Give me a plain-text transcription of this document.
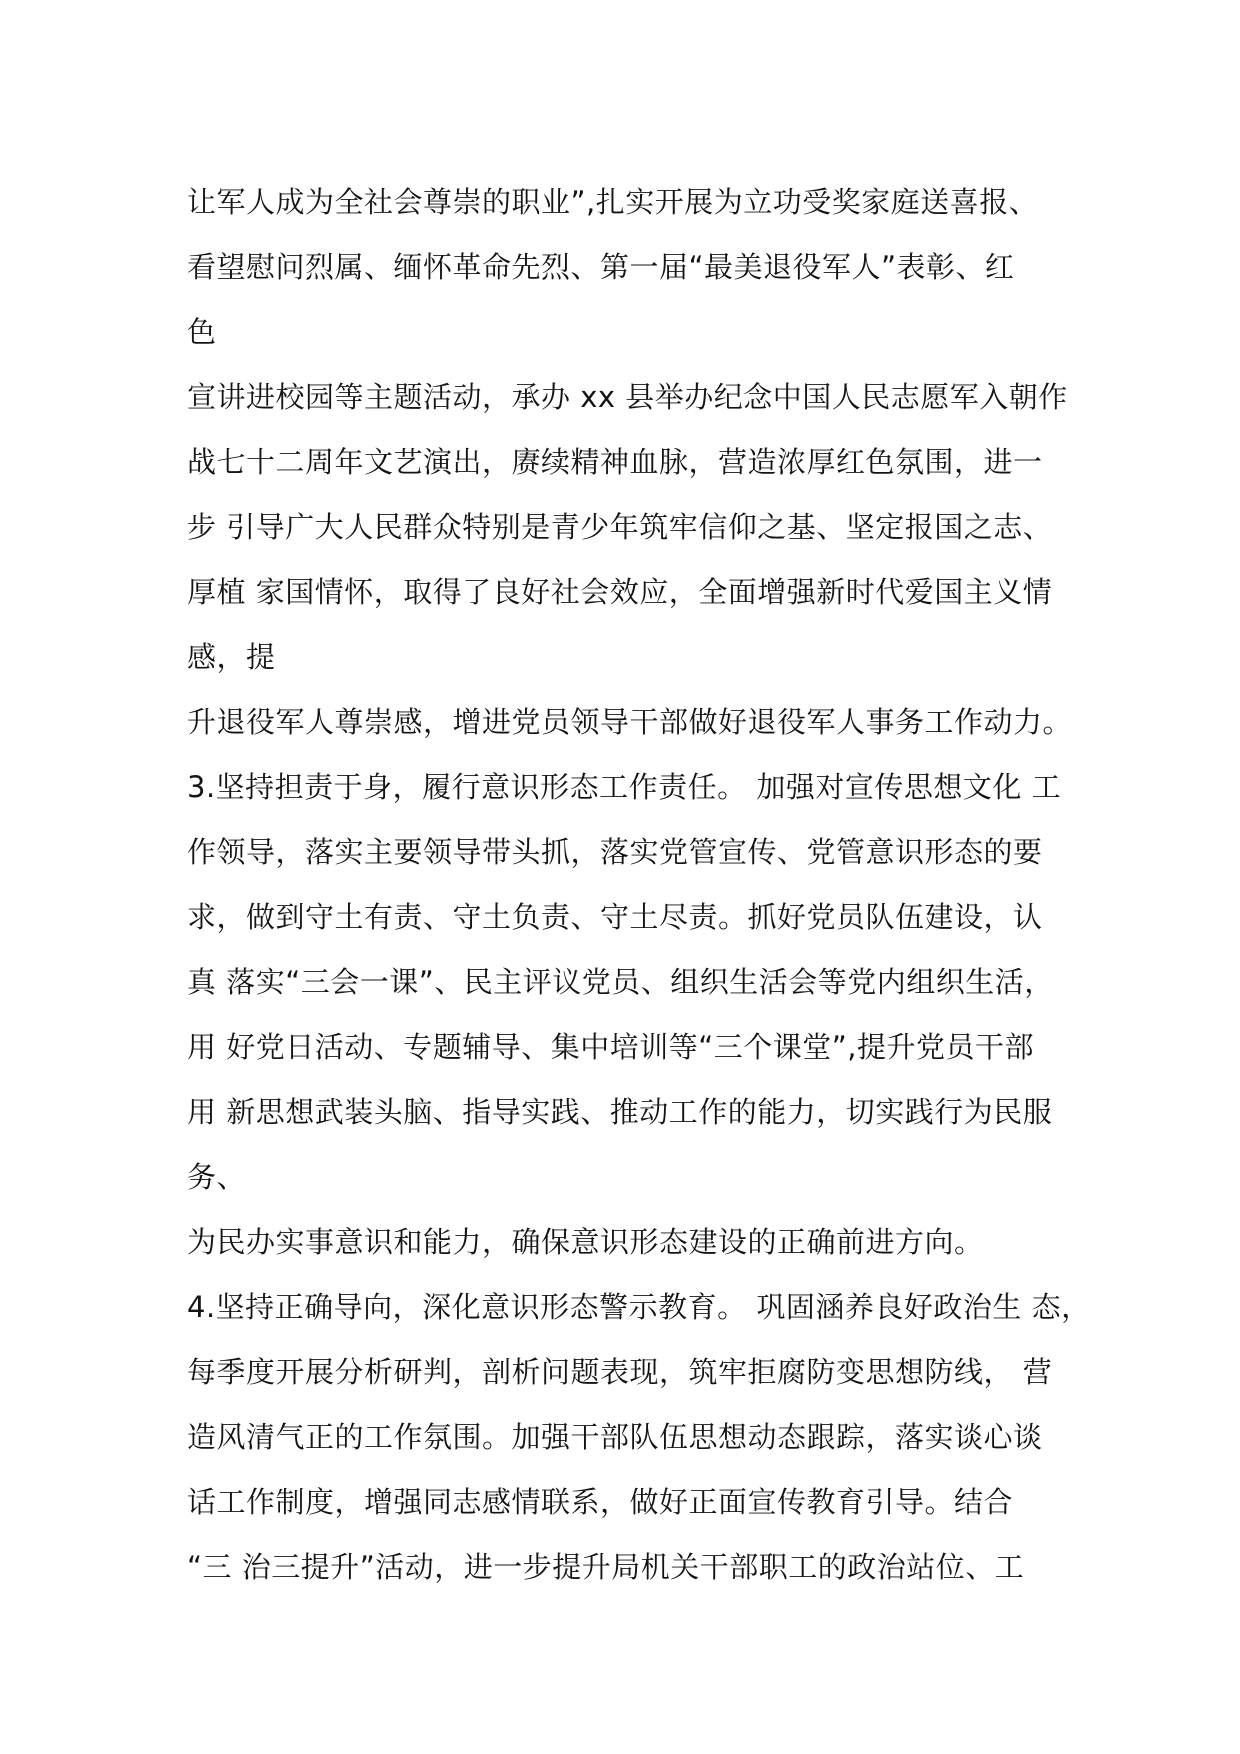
让军人成为全社会尊崇的职业”,扎实开展为立功受奖家庭送喜报、
看望慰问烈属、缅怀革命先烈、第一届“最美退役军人”表彰、红
色
宣讲进校园等主题活动，承办 xx 县举办纪念中国人民志愿军入朝作
战七十二周年文艺演出，赓续精神血脉，营造浓厚红色氛围，进一
步 引导广大人民群众特别是青少年筑牢信仰之基、坚定报国之志、
厚植 家国情怀，取得了良好社会效应，全面增强新时代爱国主义情
感，提
升退役军人尊崇感，增进党员领导干部做好退役军人事务工作动力。
3.坚持担责于身，履行意识形态工作责任。 加强对宣传思想文化 工
作领导，落实主要领导带头抓，落实党管宣传、党管意识形态的要
求，做到守土有责、守土负责、守土尽责。抓好党员队伍建设，认
真 落实“三会一课”、民主评议党员、组织生活会等党内组织生活，
用 好党日活动、专题辅导、集中培训等“三个课堂”,提升党员干部
用 新思想武装头脑、指导实践、推动工作的能力，切实践行为民服
务、
为民办实事意识和能力，确保意识形态建设的正确前进方向。
4.坚持正确导向，深化意识形态警示教育。 巩固涵养良好政治生 态，
每季度开展分析研判，剖析问题表现，筑牢拒腐防变思想防线， 营
造风清气正的工作氛围。加强干部队伍思想动态跟踪，落实谈心谈
话工作制度，增强同志感情联系，做好正面宣传教育引导。结合
“三 治三提升”活动，进一步提升局机关干部职工的政治站位、工
